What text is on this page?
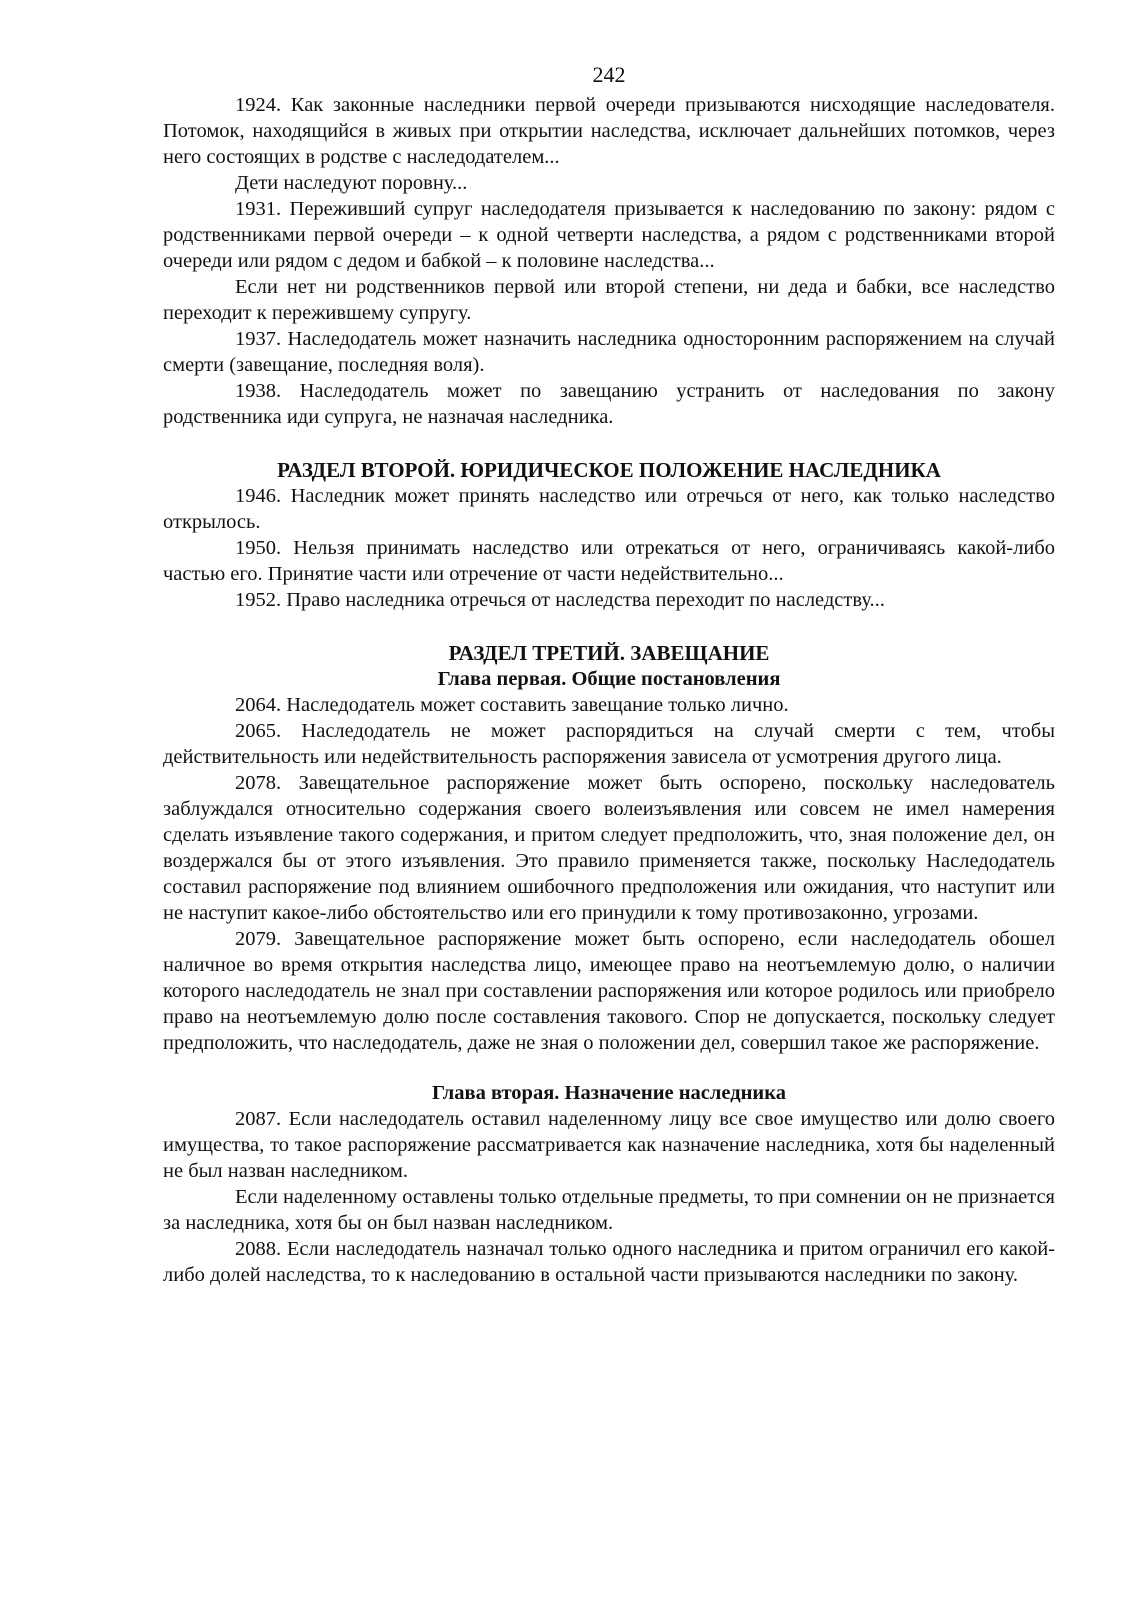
242

1924. Как законные наследники первой очереди призываются нисходящие наследователя. Потомок, находящийся в живых при открытии наследства, исключает дальнейших потомков, через него состоящих в родстве с наследодателем...

Дети наследуют поровну...

1931. Переживший супруг наследодателя призывается к наследованию по закону: рядом с родственниками первой очереди – к одной четверти наследства, а рядом с родственниками второй очереди или рядом с дедом и бабкой – к половине наследства...

Если нет ни родственников первой или второй степени, ни деда и бабки, все наследство переходит к пережившему супругу.

1937. Наследодатель может назначить наследника односторонним распоряжением на случай смерти (завещание, последняя воля).

1938. Наследодатель может по завещанию устранить от наследования по закону родственника иди супруга, не назначая наследника.

РАЗДЕЛ ВТОРОЙ. ЮРИДИЧЕСКОЕ ПОЛОЖЕНИЕ НАСЛЕДНИКА

1946. Наследник может принять наследство или отречься от него, как только наследство открылось.

1950. Нельзя принимать наследство или отрекаться от него, ограничиваясь какой-либо частью его. Принятие части или отречение от части недействительно...

1952. Право наследника отречься от наследства переходит по наследству...

РАЗДЕЛ ТРЕТИЙ. ЗАВЕЩАНИЕ
Глава первая. Общие постановления

2064. Наследодатель может составить завещание только лично.

2065. Наследодатель не может распорядиться на случай смерти с тем, чтобы действительность или недействительность распоряжения зависела от усмотрения другого лица.

2078. Завещательное распоряжение может быть оспорено, поскольку наследователь заблуждался относительно содержания своего волеизъявления или совсем не имел намерения сделать изъявление такого содержания, и притом следует предположить, что, зная положение дел, он воздержался бы от этого изъявления. Это правило применяется также, поскольку Наследодатель составил распоряжение под влиянием ошибочного предположения или ожидания, что наступит или не наступит какое-либо обстоятельство или его принудили к тому противозаконно, угрозами.

2079. Завещательное распоряжение может быть оспорено, если наследодатель обошел наличное во время открытия наследства лицо, имеющее право на неотъемлемую долю, о наличии которого наследодатель не знал при составлении распоряжения или которое родилось или приобрело право на неотъемлемую долю после составления такового. Спор не допускается, поскольку следует предположить, что наследодатель, даже не зная о положении дел, совершил такое же распоряжение.

Глава вторая. Назначение наследника

2087. Если наследодатель оставил наделенному лицу все свое имущество или долю своего имущества, то такое распоряжение рассматривается как назначение наследника, хотя бы наделенный не был назван наследником.

Если наделенному оставлены только отдельные предметы, то при сомнении он не признается за наследника, хотя бы он был назван наследником.

2088. Если наследодатель назначал только одного наследника и притом ограничил его какой-либо долей наследства, то к наследованию в остальной части призываются наследники по закону.
